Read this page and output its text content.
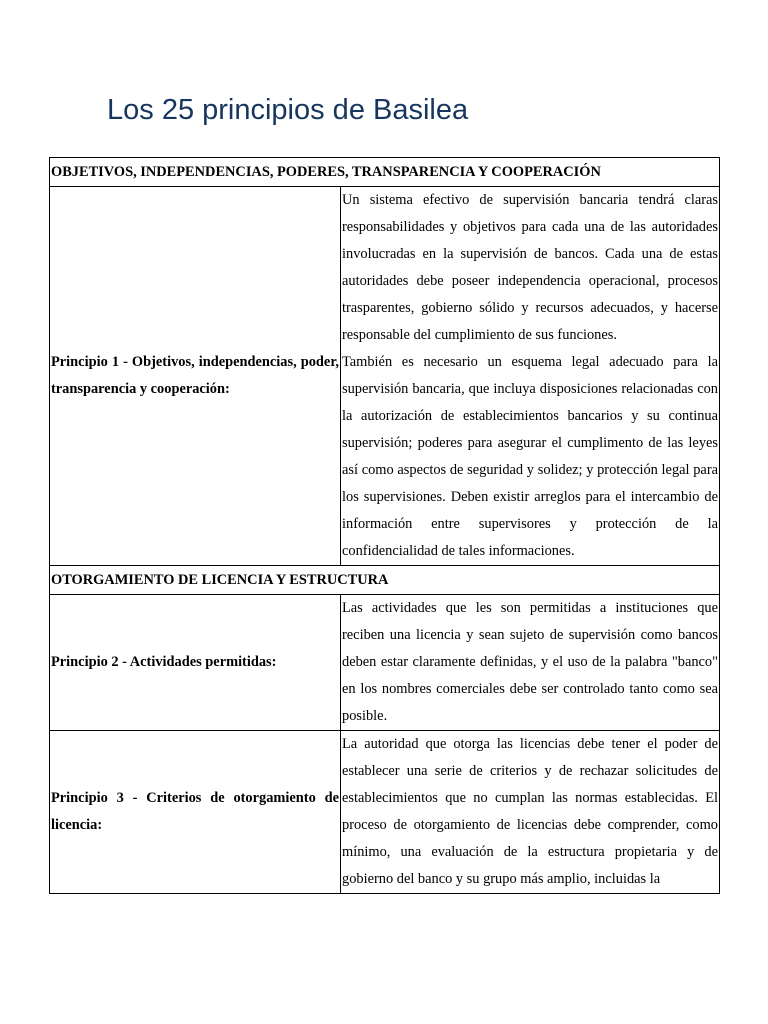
Los 25 principios de Basilea
OBJETIVOS, INDEPENDENCIAS, PODERES, TRANSPARENCIA Y COOPERACIÓN	
Principio 1 - Objetivos, independencias, poder, transparencia y cooperación:	Un sistema efectivo de supervisión bancaria tendrá claras responsabilidades y objetivos para cada una de las autoridades involucradas en la supervisión de bancos. Cada una de estas autoridades debe poseer independencia operacional, procesos trasparentes, gobierno sólido y recursos adecuados, y hacerse responsable del cumplimiento de sus funciones.

También es necesario un esquema legal adecuado para la supervisión bancaria, que incluya disposiciones relacionadas con la autorización de establecimientos bancarios y su continua supervisión; poderes para asegurar el cumplimento de las leyes así como aspectos de seguridad y solidez; y protección legal para los supervisiones. Deben existir arreglos para el intercambio de información entre supervisores y protección de la confidencialidad de tales informaciones.

OTORGAMIENTO DE LICENCIA Y ESTRUCTURA	
Principio 2 - Actividades permitidas:	Las actividades que les son permitidas a instituciones que reciben una licencia y sean sujeto de supervisión como bancos deben estar claramente definidas, y el uso de la palabra "banco" en los nombres comerciales debe ser controlado tanto como sea posible.

Principio 3 - Criterios de otorgamiento de licencia:	La autoridad que otorga las licencias debe tener el poder de establecer una serie de criterios y de rechazar solicitudes de establecimientos que no cumplan las normas establecidas. El proceso de otorgamiento de licencias debe comprender, como mínimo, una evaluación de la estructura propietaria y de gobierno del banco y su grupo más amplio, incluidas la
